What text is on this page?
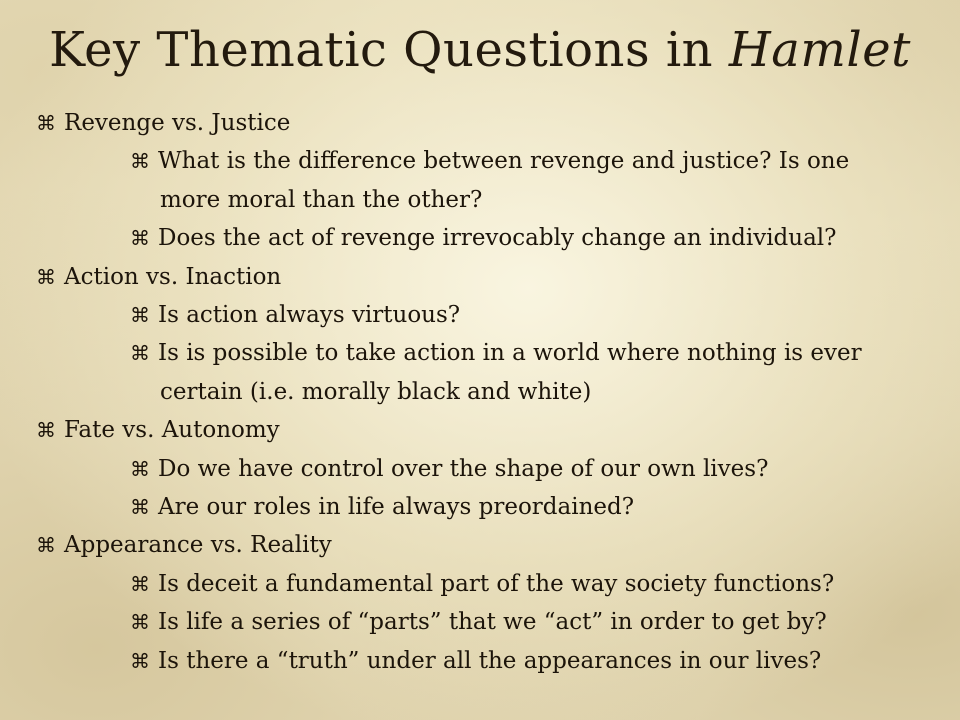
Key Thematic Questions in Hamlet
⌘ Revenge vs. Justice
⌘ What is the difference between revenge and justice? Is one
more moral than the other?
⌘ Does the act of revenge irrevocably change an individual?
⌘ Action vs. Inaction
⌘ Is action always virtuous?
⌘ Is is possible to take action in a world where nothing is ever
certain (i.e. morally black and white)
⌘ Fate vs. Autonomy
⌘ Do we have control over the shape of our own lives?
⌘ Are our roles in life always preordained?
⌘ Appearance vs. Reality
⌘ Is deceit a fundamental part of the way society functions?
⌘ Is life a series of “parts” that we “act” in order to get by?
⌘ Is there a “truth” under all the appearances in our lives?
